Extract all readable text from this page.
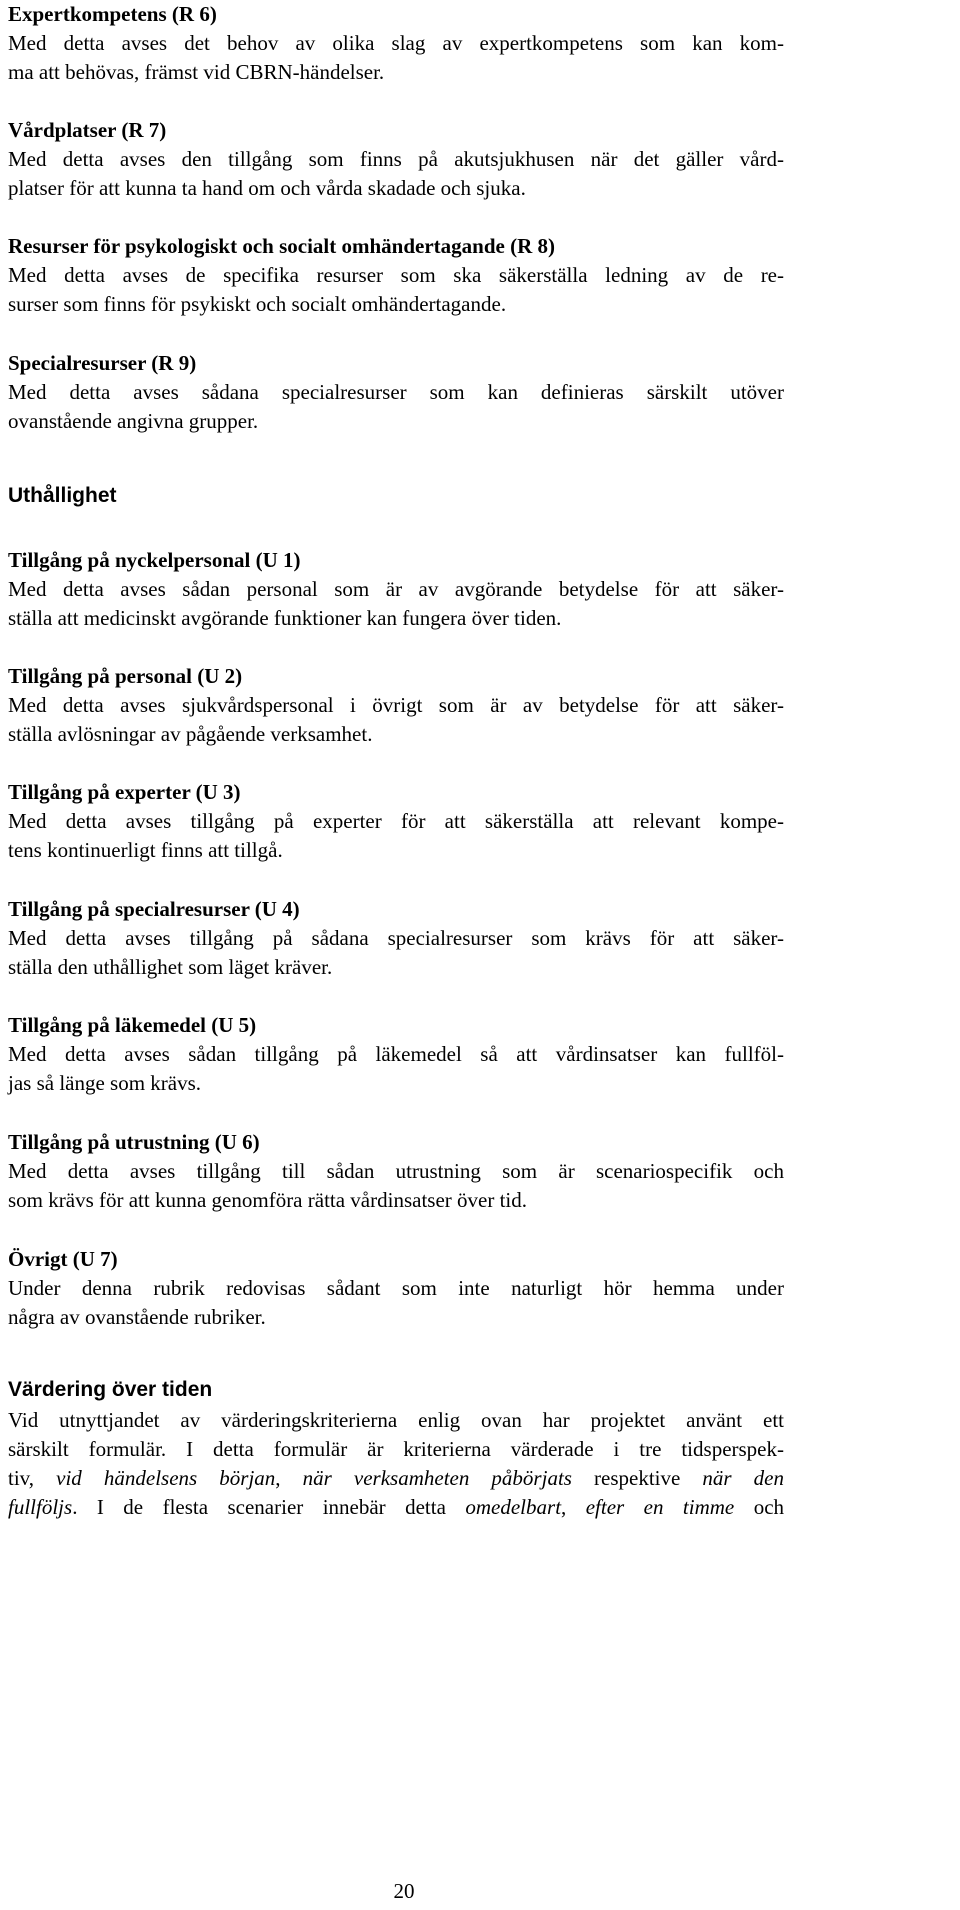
Expertkompetens (R 6)
Med detta avses det behov av olika slag av expertkompetens som kan kom-
ma att behövas, främst vid CBRN-händelser.
Vårdplatser (R 7)
Med detta avses den tillgång som finns på akutsjukhusen när det gäller vård-
platser för att kunna ta hand om och vårda skadade och sjuka.
Resurser för psykologiskt och socialt omhändertagande (R 8)
Med detta avses de specifika resurser som ska säkerställa ledning av de re-
surser som finns för psykiskt och socialt omhändertagande.
Specialresurser (R 9)
Med detta avses sådana specialresurser som kan definieras särskilt utöver
ovanstående angivna grupper.
Uthållighet
Tillgång på nyckelpersonal (U 1)
Med detta avses sådan personal som är av avgörande betydelse för att säker-
ställa att medicinskt avgörande funktioner kan fungera över tiden.
Tillgång på personal (U 2)
Med detta avses sjukvårdspersonal i övrigt som är av betydelse för att säker-
ställa avlösningar av pågående verksamhet.
Tillgång på experter (U 3)
Med detta avses tillgång på experter för att säkerställa att relevant kompe-
tens kontinuerligt finns att tillgå.
Tillgång på specialresurser (U 4)
Med detta avses tillgång på sådana specialresurser som krävs för att säker-
ställa den uthållighet som läget kräver.
Tillgång på läkemedel (U 5)
Med detta avses sådan tillgång på läkemedel så att vårdinsatser kan fullföl-
jas så länge som krävs.
Tillgång på utrustning (U 6)
Med detta avses tillgång till sådan utrustning som är scenariospecifik och
som krävs för att kunna genomföra rätta vårdinsatser över tid.
Övrigt (U 7)
Under denna rubrik redovisas sådant som inte naturligt hör hemma under
några av ovanstående rubriker.
Värdering över tiden
Vid utnyttjandet av värderingskriterierna enlig ovan har projektet använt ett
särskilt formulär. I detta formulär är kriterierna värderade i tre tidsperspek-
tiv, vid händelsens början, när verksamheten påbörjats respektive när den
fullföljs. I de flesta scenarier innebär detta omedelbart, efter en timme och
20
